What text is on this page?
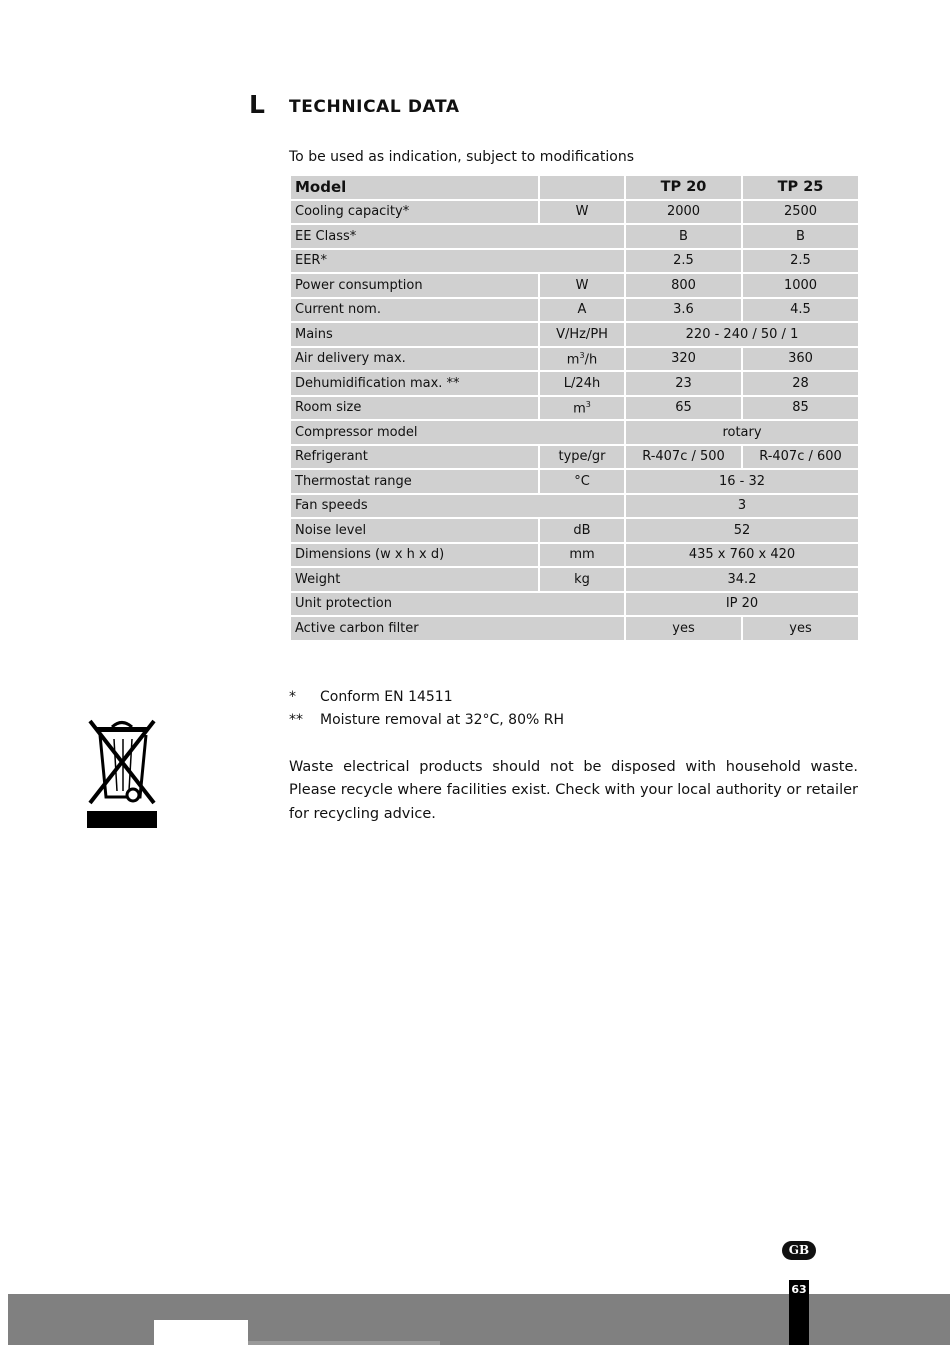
L TECHNICAL DATA
To be used as indication, subject to modifications
Model		TP 20	TP 25
Cooling capacity*	W	2000	2500
EE Class*		B	B
EER*		2.5	2.5
Power consumption	W	800	1000
Current nom.	A	3.6	4.5
Mains	V/Hz/PH	220 - 240 / 50 / 1	
Air delivery max.	$m^3/h$	320	360
Dehumidification max. **	L/24h	23	28
Room size	$m^3$	65	85
Compressor model		rotary	
Refrigerant	type/gr	R-407c / 500	R-407c / 600
Thermostat range	°C	16 - 32	
Fan speeds		3	
Noise level	dB	52	
Dimensions (w x h x d)	mm	435 x 760 x 420	
Weight	kg	34.2	
Unit protection		IP 20	
Active carbon filter		yes	yes
* Conform EN 14511
** Moisture removal at 32°C, 80% RH
Waste electrical products should not be disposed with household waste. Please recycle where facilities exist. Check with your local authority or retailer for recycling advice.
GB
63
